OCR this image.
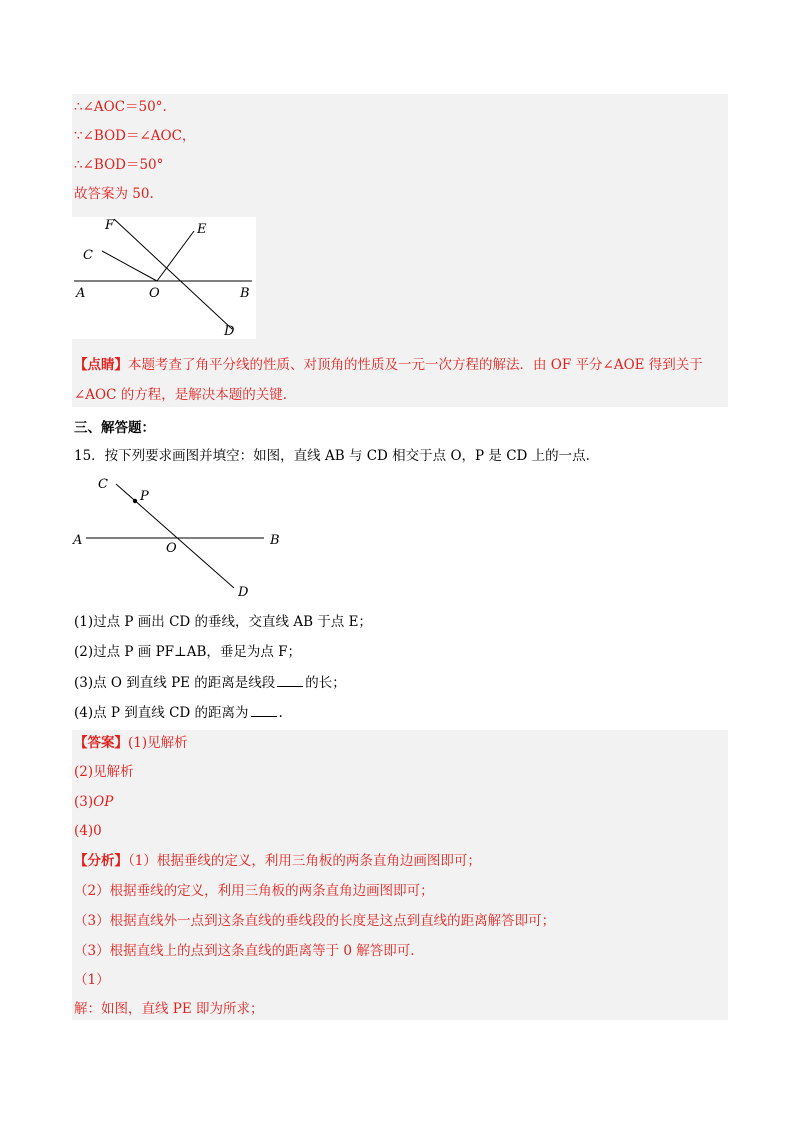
∴∠AOC＝50°.
∵∠BOD＝∠AOC，
∴∠BOD＝50°
故答案为 50.
F	E
C
A	O	B
D
【点睛】本题考查了角平分线的性质、对顶角的性质及一元一次方程的解法．由 OF 平分∠AOE 得到关于
∠AOC 的方程，是解决本题的关键.
三、解答题：
15．按下列要求画图并填空：如图，直线 AB 与 CD 相交于点 O，P 是 CD 上的一点.
C
P
A
O
B
D
(1)过点 P 画出 CD 的垂线，交直线 AB 于点 E；
(2)过点 P 画 PF⊥AB，垂足为点 F；
(3)点 O 到直线 PE 的距离是线段 的长；
(4)点 P 到直线 CD 的距离为 .
【答案】(1)见解析
(2)见解析
(3)OP
(4)0
【分析】（1）根据垂线的定义，利用三角板的两条直角边画图即可；
（2）根据垂线的定义，利用三角板的两条直角边画图即可；
（3）根据直线外一点到这条直线的垂线段的长度是这点到直线的距离解答即可；
（3）根据直线上的点到这条直线的距离等于 0 解答即可.
（1）
解：如图，直线 PE 即为所求；
